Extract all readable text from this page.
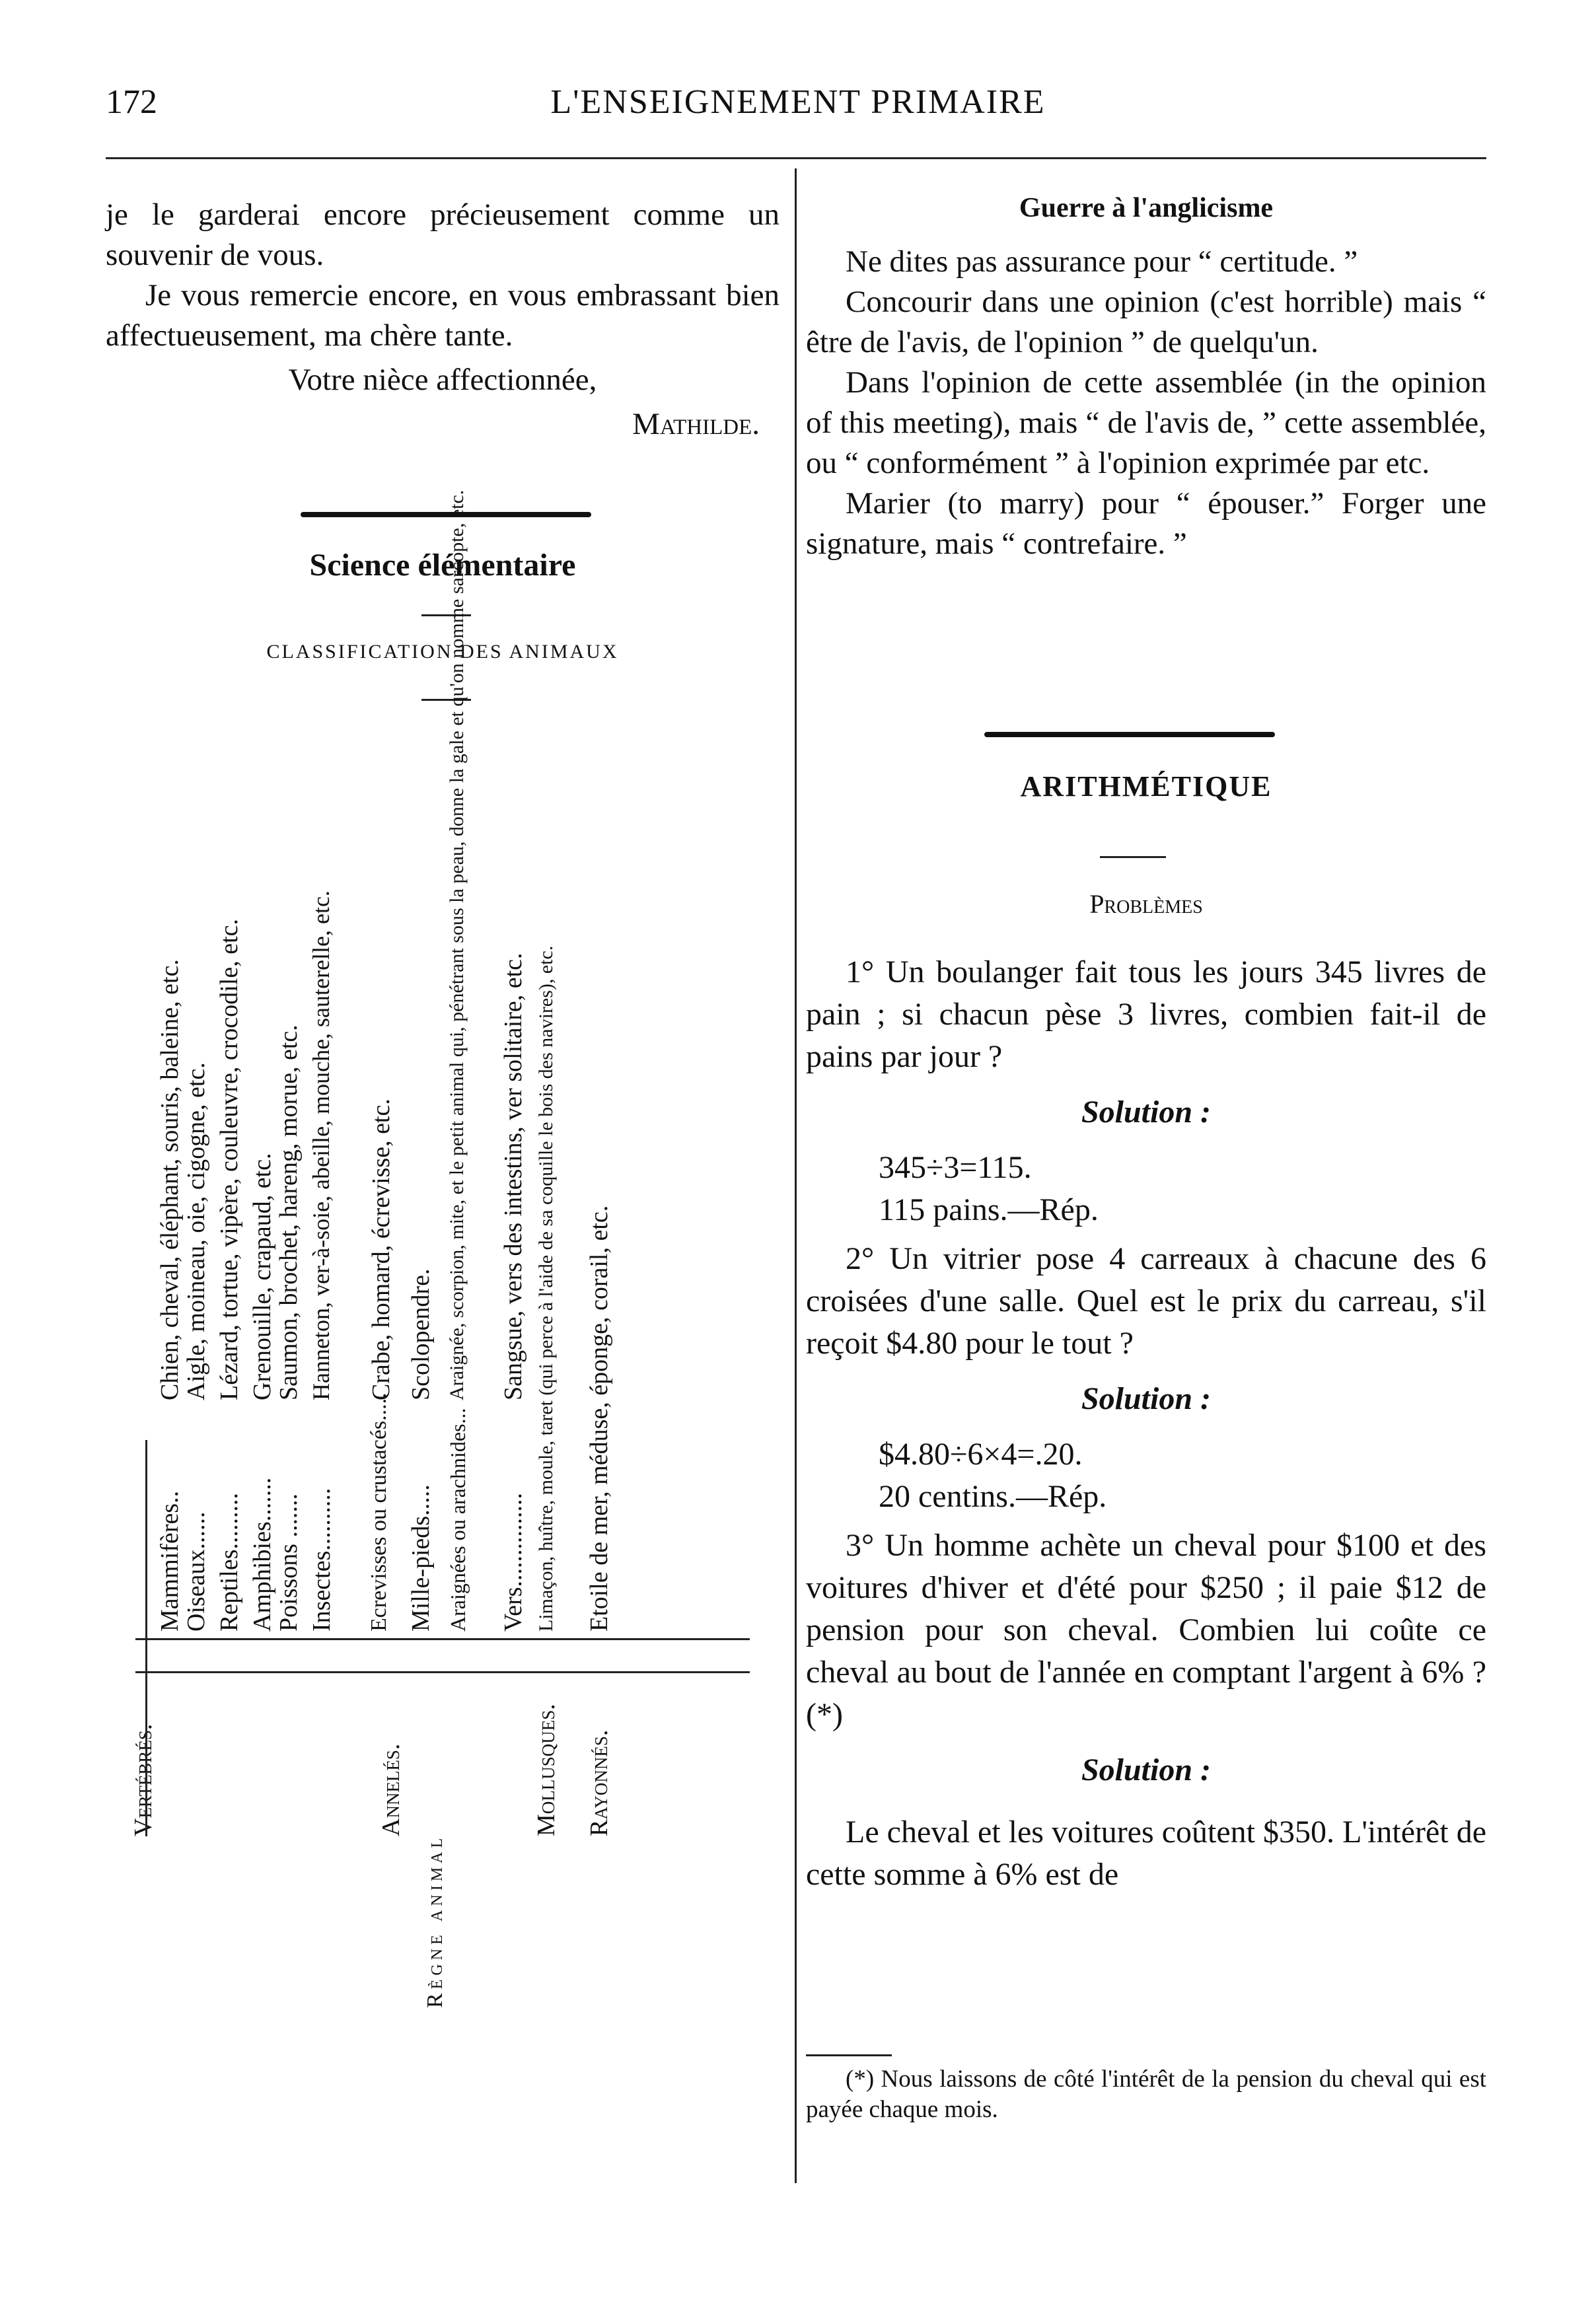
172	L'ENSEIGNEMENT PRIMAIRE

je le garderai encore précieusement comme un souvenir de vous.

Je vous remercie encore, en vous embrassant bien affectueusement, ma chère tante.

Votre nièce affectionnée,

Mathilde.

Science élémentaire
CLASSIFICATION DES ANIMAUX
Vertébrés.
Mammifères..
Chien, cheval, éléphant, souris, baleine, etc.
Oiseaux......
Aigle, moineau, oie, cigogne, etc.
Reptiles.........
Lézard, tortue, vipère, couleuvre, crocodile, etc.
Amphibies.......
Grenouille, crapaud, etc.
Poissons .......
Saumon, brochet, hareng, morue, etc.
Annelés.
Insectes..........
Hanneton, ver-à-soie, abeille, mouche, sauterelle, etc.
Ecrevisses ou crustacés.....
Crabe, homard, écrevisse, etc.
Mille-pieds.....
Scolopendre.
Araignées ou arachnides...
Araignée, scorpion, mite, et le petit animal qui, pénétrant sous la peau, donne la gale et qu'on nomme sarcopte, etc.
Vers...............
Sangsue, vers des intestins, ver solitaire, etc.
Mollusques.
Limaçon, huître, moule, taret (qui perce à l'aide de sa coquille le bois des navires), etc.
Rayonnés.
Etoile de mer, méduse, éponge, corail, etc.
Règne animal

Guerre à l'anglicisme

Ne dites pas assurance pour “ certitude. ”

Concourir dans une opinion (c'est horrible) mais “ être de l'avis, de l'opinion ” de quelqu'un.

Dans l'opinion de cette assemblée (in the opinion of this meeting), mais “ de l'avis de, ” cette assemblée, ou “ conformément ” à l'opinion exprimée par etc.

Marier (to marry) pour “ épouser.” Forger une signature, mais “ contrefaire. ”

ARITHMÉTIQUE
Problèmes

1° Un boulanger fait tous les jours 345 livres de pain ; si chacun pèse 3 livres, combien fait-il de pains par jour ?

Solution :

345÷3=115.

115 pains.—Rép.

2° Un vitrier pose 4 carreaux à chacune des 6 croisées d'une salle. Quel est le prix du carreau, s'il reçoit $4.80 pour le tout ?

Solution :

$4.80÷6×4=.20.

20 centins.—Rép.

3° Un homme achète un cheval pour $100 et des voitures d'hiver et d'été pour $250 ; il paie $12 de pension pour son cheval. Combien lui coûte ce cheval au bout de l'année en comptant l'argent à 6% ? (*)

Solution :

Le cheval et les voitures coûtent $350. L'intérêt de cette somme à 6% est de

(*) Nous laissons de côté l'intérêt de la pension du cheval qui est payée chaque mois.
